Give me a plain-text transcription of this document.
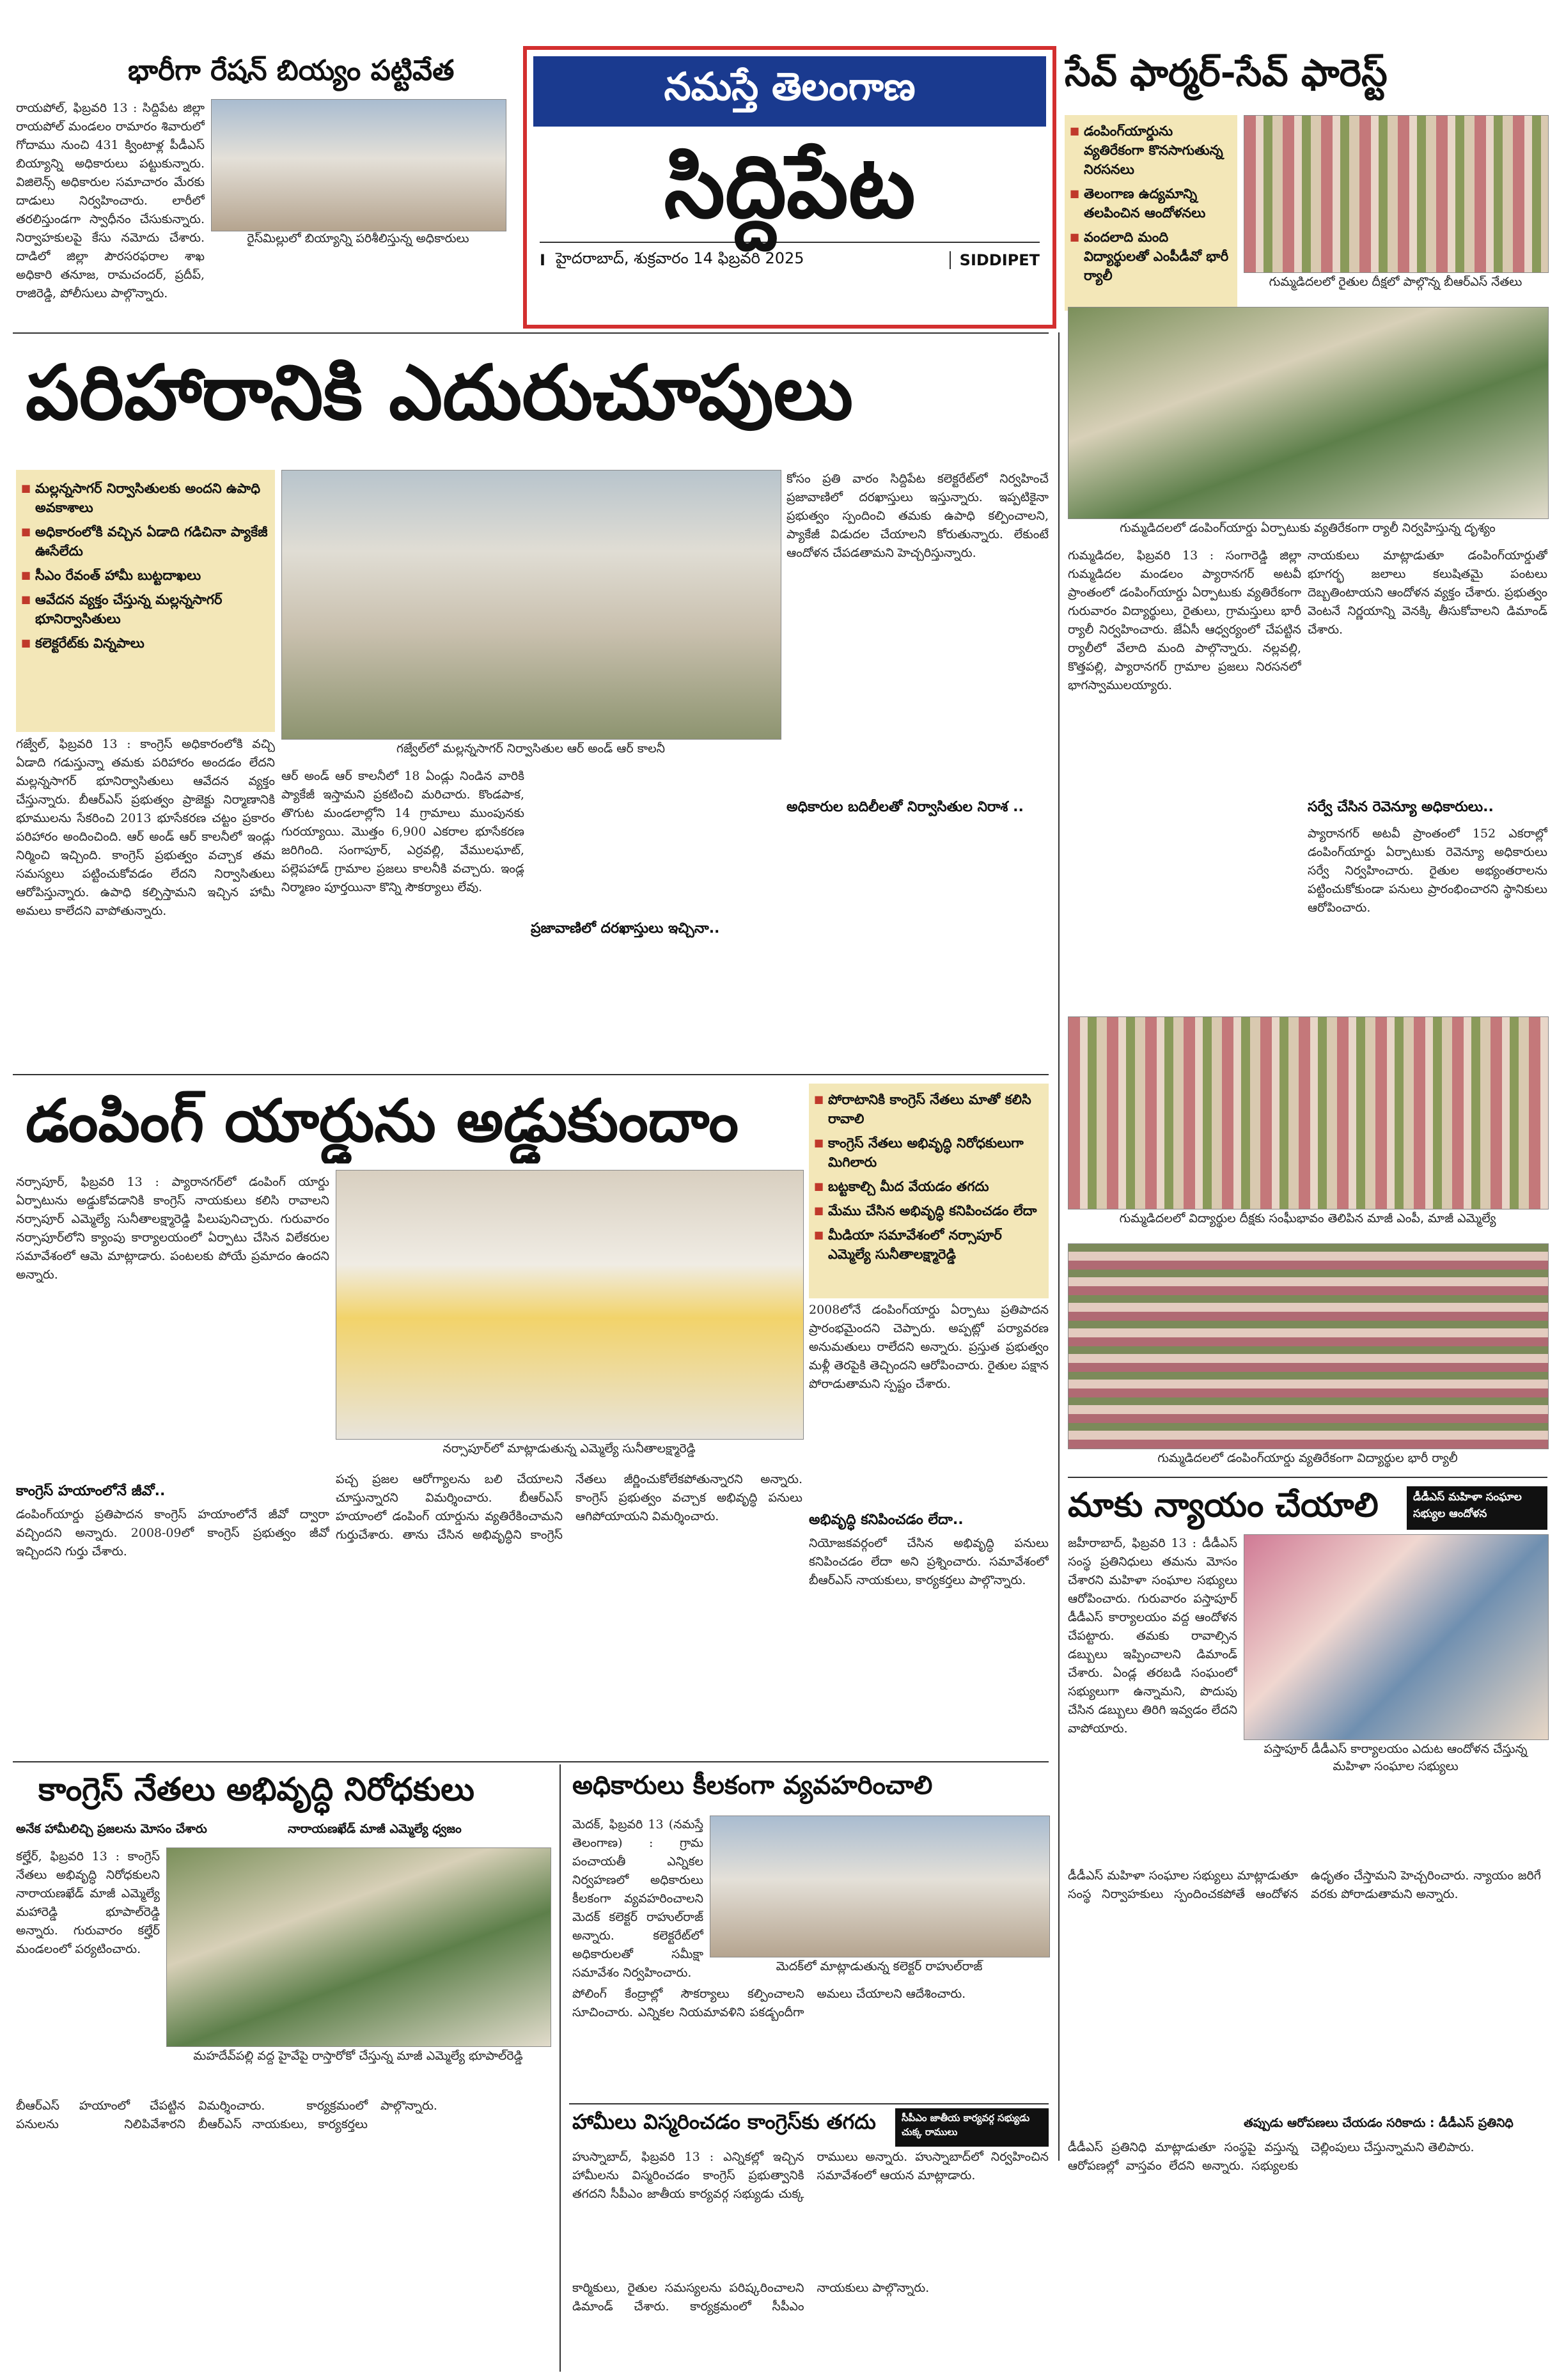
నమస్తే తెలంగాణ
సిద్దిపేట
I హైదరాబాద్, శుక్రవారం 14 ఫిబ్రవరి 2025	SIDDIPET
భారీగా రేషన్ బియ్యం పట్టివేత
రైస్‌మిల్లులో బియ్యాన్ని పరిశీలిస్తున్న అధికారులు
రాయపోల్, ఫిబ్రవరి 13 : సిద్దిపేట జిల్లా రాయపోల్ మండలం రామారం శివారులో గోదాము నుంచి 431 క్వింటాళ్ల పీడీఎస్ బియ్యాన్ని అధికారులు పట్టుకున్నారు. విజిలెన్స్ అధికారుల సమాచారం మేరకు దాడులు నిర్వహించారు. లారీలో తరలిస్తుండగా స్వాధీనం చేసుకున్నారు. నిర్వాహకులపై కేసు నమోదు చేశారు. దాడిలో జిల్లా పౌరసరఫరాల శాఖ అధికారి తనూజ, రామచందర్, ప్రదీప్, రాజిరెడ్డి, పోలీసులు పాల్గొన్నారు.
సేవ్ ఫార్మర్-సేవ్ ఫారెస్ట్
■ డంపింగ్‌యార్డును వ్యతిరేకంగా కొనసాగుతున్న నిరసనలు
■ తెలంగాణ ఉద్యమాన్ని తలపించిన ఆందోళనలు
■ వందలాది మంది విద్యార్థులతో ఎంపీడీవో భారీ ర్యాలీ	గుమ్మడిదలలో రైతుల దీక్షలో పాల్గొన్న బీఆర్‌ఎస్ నేతలు
పరిహారానికి ఎదురుచూపులు
■ మల్లన్నసాగర్ నిర్వాసితులకు అందని ఉపాధి అవకాశాలు
■ అధికారంలోకి వచ్చిన ఏడాది గడిచినా ప్యాకేజీ ఊసేలేదు
■ సీఎం రేవంత్ హామీ బుట్టదాఖలు
■ ఆవేదన వ్యక్తం చేస్తున్న మల్లన్నసాగర్ భూనిర్వాసితులు
■ కలెక్టరేట్‌కు విన్నపాలు
గజ్వేల్‌లో మల్లన్నసాగర్ నిర్వాసితుల ఆర్ అండ్ ఆర్ కాలనీ
గజ్వేల్, ఫిబ్రవరి 13 : కాంగ్రెస్ అధికారంలోకి వచ్చి ఏడాది గడుస్తున్నా తమకు పరిహారం అందడం లేదని మల్లన్నసాగర్ భూనిర్వాసితులు ఆవేదన వ్యక్తం చేస్తున్నారు. బీఆర్‌ఎస్ ప్రభుత్వం ప్రాజెక్టు నిర్మాణానికి భూములను సేకరించి 2013 భూసేకరణ చట్టం ప్రకారం పరిహారం అందించింది. ఆర్ అండ్ ఆర్ కాలనీలో ఇండ్లు నిర్మించి ఇచ్చింది. కాంగ్రెస్ ప్రభుత్వం వచ్చాక తమ సమస్యలు పట్టించుకోవడం లేదని నిర్వాసితులు ఆరోపిస్తున్నారు. ఉపాధి కల్పిస్తామని ఇచ్చిన హామీ అమలు కాలేదని వాపోతున్నారు.
ఆర్ అండ్ ఆర్ కాలనీలో 18 ఏండ్లు నిండిన వారికి ప్యాకేజీ ఇస్తామని ప్రకటించి మరిచారు. కొండపాక, తొగుట మండలాల్లోని 14 గ్రామాలు ముంపునకు గురయ్యాయి. మొత్తం 6,900 ఎకరాల భూసేకరణ జరిగింది. సంగాపూర్, ఎర్రవల్లి, వేములఘాట్, పల్లెపహాడ్ గ్రామాల ప్రజలు కాలనీకి వచ్చారు. ఇండ్ల నిర్మాణం పూర్తయినా కొన్ని సౌకర్యాలు లేవు.
ప్రజావాణిలో దరఖాస్తులు ఇచ్చినా..
కోసం ప్రతి వారం సిద్దిపేట కలెక్టరేట్‌లో నిర్వహించే ప్రజావాణిలో దరఖాస్తులు ఇస్తున్నారు. ఇప్పటికైనా ప్రభుత్వం స్పందించి తమకు ఉపాధి కల్పించాలని, ప్యాకేజీ విడుదల చేయాలని కోరుతున్నారు. లేకుంటే ఆందోళన చేపడతామని హెచ్చరిస్తున్నారు.
అధికారుల బదిలీలతో నిర్వాసితుల నిరాశ ..
గుమ్మడిదలలో డంపింగ్‌యార్డు ఏర్పాటుకు వ్యతిరేకంగా ర్యాలీ నిర్వహిస్తున్న దృశ్యం
గుమ్మడిదల, ఫిబ్రవరి 13 : సంగారెడ్డి జిల్లా గుమ్మడిదల మండలం ప్యారానగర్ అటవీ ప్రాంతంలో డంపింగ్‌యార్డు ఏర్పాటుకు వ్యతిరేకంగా గురువారం విద్యార్థులు, రైతులు, గ్రామస్తులు భారీ ర్యాలీ నిర్వహించారు. జేఏసీ ఆధ్వర్యంలో చేపట్టిన ర్యాలీలో వేలాది మంది పాల్గొన్నారు. నల్లవల్లి, కొత్తపల్లి, ప్యారానగర్ గ్రామాల ప్రజలు నిరసనలో భాగస్వాములయ్యారు.
నాయకులు మాట్లాడుతూ డంపింగ్‌యార్డుతో భూగర్భ జలాలు కలుషితమై పంటలు దెబ్బతింటాయని ఆందోళన వ్యక్తం చేశారు. ప్రభుత్వం వెంటనే నిర్ణయాన్ని వెనక్కి తీసుకోవాలని డిమాండ్ చేశారు.
సర్వే చేసిన రెవెన్యూ అధికారులు..
ప్యారానగర్ అటవీ ప్రాంతంలో 152 ఎకరాల్లో డంపింగ్‌యార్డు ఏర్పాటుకు రెవెన్యూ అధికారులు సర్వే నిర్వహించారు. రైతుల అభ్యంతరాలను పట్టించుకోకుండా పనులు ప్రారంభించారని స్థానికులు ఆరోపించారు.
గుమ్మడిదలలో విద్యార్థుల దీక్షకు సంఘీభావం తెలిపిన మాజీ ఎంపీ, మాజీ ఎమ్మెల్యే
గుమ్మడిదలలో డంపింగ్‌యార్డు వ్యతిరేకంగా విద్యార్థుల భారీ ర్యాలీ
డంపింగ్ యార్డును అడ్డుకుందాం
■	పోరాటానికి కాంగ్రెస్ నేతలు మాతో కలిసి రావాలి
■ కాంగ్రెస్ నేతలు అభివృద్ధి నిరోధకులుగా మిగిలారు
■ బట్టకాల్చి మీద వేయడం తగదు
■ మేము చేసిన అభివృద్ధి కనిపించడం లేదా
■ మీడియా సమావేశంలో నర్సాపూర్ ఎమ్మెల్యే సునీతాలక్ష్మారెడ్డి
నర్సాపూర్, ఫిబ్రవరి 13 : ప్యారానగర్‌లో డంపింగ్ యార్డు ఏర్పాటును అడ్డుకోవడానికి కాంగ్రెస్ నాయకులు కలిసి రావాలని నర్సాపూర్ ఎమ్మెల్యే సునీతాలక్ష్మారెడ్డి పిలుపునిచ్చారు. గురువారం నర్సాపూర్‌లోని క్యాంపు కార్యాలయంలో ఏర్పాటు చేసిన విలేకరుల సమావేశంలో ఆమె మాట్లాడారు. పంటలకు పోయే ప్రమాదం ఉందని అన్నారు.
నర్సాపూర్‌లో మాట్లాడుతున్న ఎమ్మెల్యే సునీతాలక్ష్మారెడ్డి
2008లోనే డంపింగ్‌యార్డు ఏర్పాటు ప్రతిపాదన ప్రారంభమైందని చెప్పారు. అప్పట్లో పర్యావరణ అనుమతులు రాలేదని అన్నారు. ప్రస్తుత ప్రభుత్వం మళ్లీ తెరపైకి తెచ్చిందని ఆరోపించారు. రైతుల పక్షాన పోరాడుతామని స్పష్టం చేశారు.
అభివృద్ధి కనిపించడం లేదా..
నియోజకవర్గంలో చేసిన అభివృద్ధి పనులు కనిపించడం లేదా అని ప్రశ్నించారు. సమావేశంలో బీఆర్‌ఎస్ నాయకులు, కార్యకర్తలు పాల్గొన్నారు.
కాంగ్రెస్ హయాంలోనే జీవో..
డంపింగ్‌యార్డు ప్రతిపాదన కాంగ్రెస్ హయాంలోనే జీవో ద్వారా వచ్చిందని అన్నారు. 2008-09లో కాంగ్రెస్ ప్రభుత్వం జీవో ఇచ్చిందని గుర్తు చేశారు.
పచ్చ ప్రజల ఆరోగ్యాలను బలి చేయాలని చూస్తున్నారని విమర్శించారు. బీఆర్‌ఎస్ హయాంలో డంపింగ్ యార్డును వ్యతిరేకించామని గుర్తుచేశారు. తాను చేసిన అభివృద్ధిని కాంగ్రెస్ నేతలు జీర్ణించుకోలేకపోతున్నారని అన్నారు. కాంగ్రెస్ ప్రభుత్వం వచ్చాక అభివృద్ధి పనులు ఆగిపోయాయని విమర్శించారు.	మాకు న్యాయం చేయాలి	డీడీఎస్ మహిళా సంఘాల సభ్యుల ఆందోళన
జహీరాబాద్, ఫిబ్రవరి 13 : డీడీఎస్ సంస్థ ప్రతినిధులు తమను మోసం చేశారని మహిళా సంఘాల సభ్యులు ఆరోపించారు. గురువారం పస్తాపూర్ డీడీఎస్ కార్యాలయం వద్ద ఆందోళన చేపట్టారు. తమకు రావాల్సిన డబ్బులు ఇప్పించాలని డిమాండ్ చేశారు. ఏండ్ల తరబడి సంఘంలో సభ్యులుగా ఉన్నామని, పొదుపు చేసిన డబ్బులు తిరిగి ఇవ్వడం లేదని వాపోయారు.
పస్తాపూర్ డీడీఎస్ కార్యాలయం ఎదుట ఆందోళన చేస్తున్న మహిళా సంఘాల సభ్యులు
డీడీఎస్ మహిళా సంఘాల సభ్యులు మాట్లాడుతూ సంస్థ నిర్వాహకులు స్పందించకపోతే ఆందోళన ఉధృతం చేస్తామని హెచ్చరించారు. న్యాయం జరిగే వరకు పోరాడుతామని అన్నారు.
తప్పుడు ఆరోపణలు చేయడం సరికాదు : డీడీఎస్ ప్రతినిధి
డీడీఎస్ ప్రతినిధి మాట్లాడుతూ సంస్థపై వస్తున్న ఆరోపణల్లో వాస్తవం లేదని అన్నారు. సభ్యులకు చెల్లింపులు చేస్తున్నామని తెలిపారు.
కాంగ్రెస్ నేతలు అభివృద్ధి నిరోధకులు
అనేక హామీలిచ్చి ప్రజలను మోసం చేశారు	నారాయణఖేడ్ మాజీ ఎమ్మెల్యే ధ్వజం
కల్హేర్, ఫిబ్రవరి 13 : కాంగ్రెస్ నేతలు అభివృద్ధి నిరోధకులని నారాయణఖేడ్ మాజీ ఎమ్మెల్యే మహారెడ్డి భూపాల్‌రెడ్డి అన్నారు. గురువారం కల్హేర్ మండలంలో పర్యటించారు.
మహదేవ్‌పల్లి వద్ద హైవేపై రాస్తారోకో చేస్తున్న మాజీ ఎమ్మెల్యే భూపాల్‌రెడ్డి
బీఆర్‌ఎస్ హయాంలో చేపట్టిన పనులను నిలిపివేశారని విమర్శించారు. కార్యక్రమంలో బీఆర్‌ఎస్ నాయకులు, కార్యకర్తలు పాల్గొన్నారు.
అధికారులు కీలకంగా వ్యవహరించాలి
మెదక్, ఫిబ్రవరి 13 (నమస్తే తెలంగాణ) : గ్రామ పంచాయతీ ఎన్నికల నిర్వహణలో అధికారులు కీలకంగా వ్యవహరించాలని మెదక్ కలెక్టర్ రాహుల్‌రాజ్ అన్నారు. కలెక్టరేట్‌లో అధికారులతో సమీక్షా సమావేశం నిర్వహించారు.	మెదక్‌లో మాట్లాడుతున్న కలెక్టర్ రాహుల్‌రాజ్
పోలింగ్ కేంద్రాల్లో సౌకర్యాలు కల్పించాలని సూచించారు. ఎన్నికల నియమావళిని పకడ్బందీగా అమలు చేయాలని ఆదేశించారు.
హామీలు విస్మరించడం కాంగ్రెస్‌కు తగదు	సీపీఎం జాతీయ కార్యవర్గ సభ్యుడు చుక్క రాములు
హుస్నాబాద్, ఫిబ్రవరి 13 : ఎన్నికల్లో ఇచ్చిన హామీలను విస్మరించడం కాంగ్రెస్ ప్రభుత్వానికి తగదని సీపీఎం జాతీయ కార్యవర్గ సభ్యుడు చుక్క రాములు అన్నారు. హుస్నాబాద్‌లో నిర్వహించిన సమావేశంలో ఆయన మాట్లాడారు.
కార్మికులు, రైతుల సమస్యలను పరిష్కరించాలని డిమాండ్ చేశారు. కార్యక్రమంలో సీపీఎం నాయకులు పాల్గొన్నారు.
